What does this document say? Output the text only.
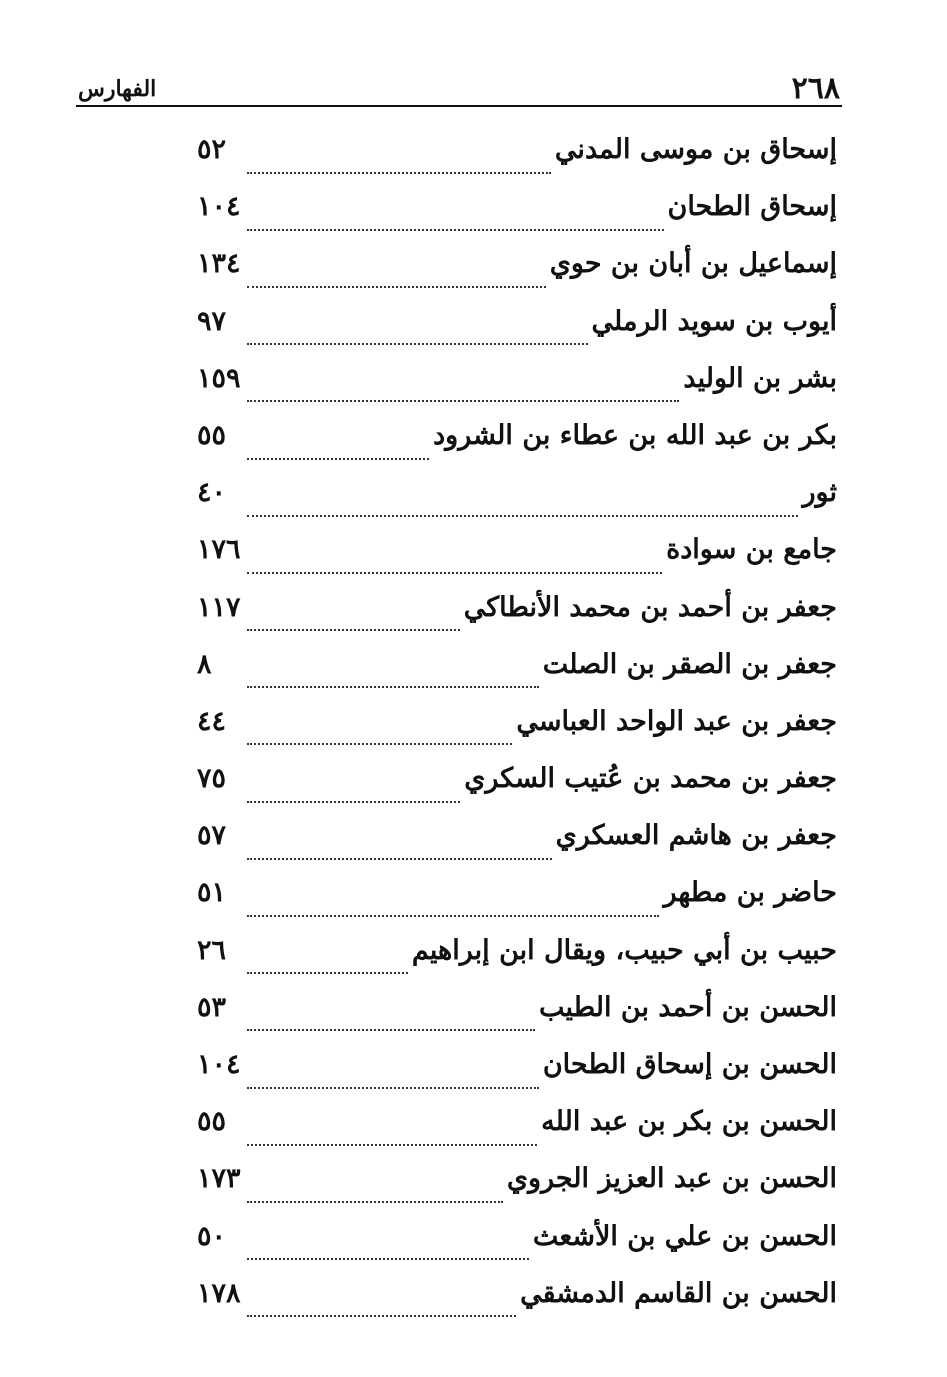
٢٦٨
الفهارس
إسحاق بن موسى المدني
٥٢
إسحاق الطحان
١٠٤
إسماعيل بن أبان بن حوي
١٣٤
أيوب بن سويد الرملي
٩٧
بشر بن الوليد
١٥٩
بكر بن عبد الله بن عطاء بن الشرود
٥٥
ثور
٤٠
جامع بن سوادة
١٧٦
جعفر بن أحمد بن محمد الأنطاكي
١١٧
جعفر بن الصقر بن الصلت
٨
جعفر بن عبد الواحد العباسي
٤٤
جعفر بن محمد بن عُتيب السكري
٧٥
جعفر بن هاشم العسكري
٥٧
حاضر بن مطهر
٥١
حبيب بن أبي حبيب، ويقال ابن إبراهيم
٢٦
الحسن بن أحمد بن الطيب
٥٣
الحسن بن إسحاق الطحان
١٠٤
الحسن بن بكر بن عبد الله
٥٥
الحسن بن عبد العزيز الجروي
١٧٣
الحسن بن علي بن الأشعث
٥٠
الحسن بن القاسم الدمشقي
١٧٨
